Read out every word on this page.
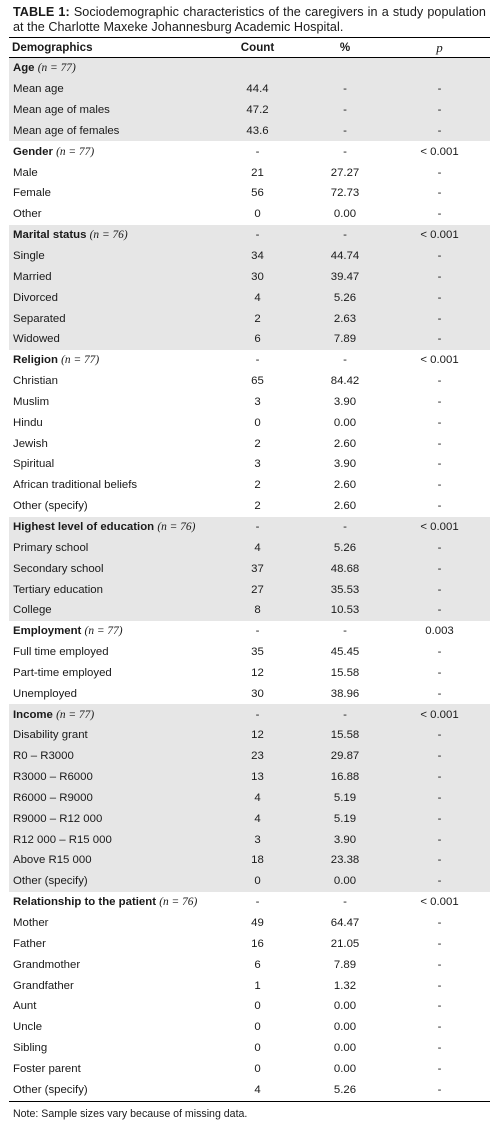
TABLE 1: Sociodemographic characteristics of the caregivers in a study population at the Charlotte Maxeke Johannesburg Academic Hospital.
Demographics	Count	%	p

Age (n = 77)			
Mean age	44.4	-	-
Mean age of males	47.2	-	-
Mean age of females	43.6	-	-
Gender (n = 77)	-	-	< 0.001
Male	21	27.27	-
Female	56	72.73	-
Other	0	0.00	-
Marital status (n = 76)	-	-	< 0.001
Single	34	44.74	-
Married	30	39.47	-
Divorced	4	5.26	-
Separated	2	2.63	-
Widowed	6	7.89	-
Religion (n = 77)	-	-	< 0.001
Christian	65	84.42	-
Muslim	3	3.90	-
Hindu	0	0.00	-
Jewish	2	2.60	-
Spiritual	3	3.90	-
African traditional beliefs	2	2.60	-
Other (specify)	2	2.60	-
Highest level of education (n = 76)	-	-	< 0.001
Primary school	4	5.26	-
Secondary school	37	48.68	-
Tertiary education	27	35.53	-
College	8	10.53	-
Employment (n = 77)	-	-	0.003
Full time employed	35	45.45	-
Part-time employed	12	15.58	-
Unemployed	30	38.96	-
Income (n = 77)	-	-	< 0.001
Disability grant	12	15.58	-
R0 – R3000	23	29.87	-
R3000 – R6000	13	16.88	-
R6000 – R9000	4	5.19	-
R9000 – R12 000	4	5.19	-
R12 000 – R15 000	3	3.90	-
Above R15 000	18	23.38	-
Other (specify)	0	0.00	-
Relationship to the patient (n = 76)	-	-	< 0.001
Mother	49	64.47	-
Father	16	21.05	-
Grandmother	6	7.89	-
Grandfather	1	1.32	-
Aunt	0	0.00	-
Uncle	0	0.00	-
Sibling	0	0.00	-
Foster parent	0	0.00	-
Other (specify)	4	5.26	-
Note: Sample sizes vary because of missing data.
